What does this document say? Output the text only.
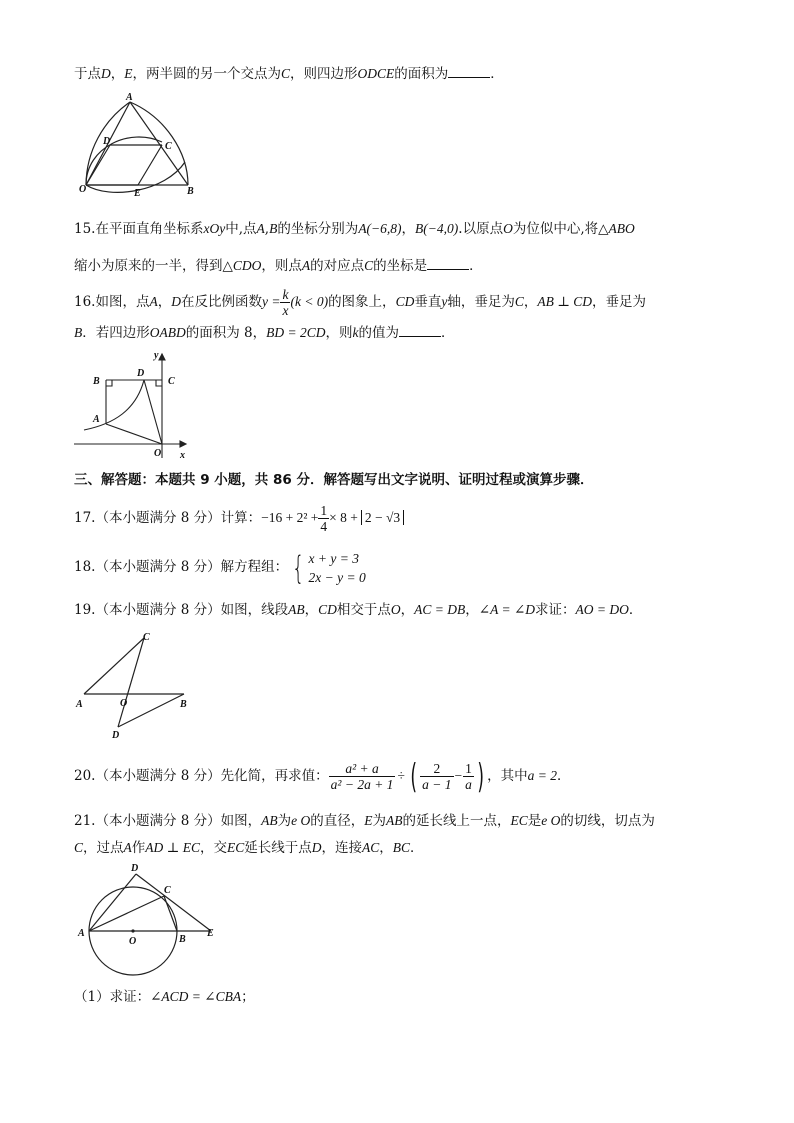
于点D，E，两半圆的另一个交点为C，则四边形ODCE的面积为	．
A
D	C
O	E	B
15.在平面直角坐标系xOy中,点A,B的坐标分别为A(−6,8)，B(−4,0).以原点O为位似中心,将△ABO
缩小为原来的一半，得到△CDO，则点A的对应点C的坐标是	．
16.如图，点A，D在反比例函数$y = \frac{k}{x} (k < 0)$的图象上，CD垂直y轴，垂足为C，AB ⊥ CD，垂足为
B．若四边形OABD的面积为 8，BD = 2CD，则k的值为	．
B
D
C
A
O x
y
三、解答题：本题共 9 小题，共 86 分．解答题写出文字说明、证明过程或演算步骤．
17.（本小题满分 8 分）计算：$-16 + 2^2 + \frac{1}{4} \times 8 + 2 - √3$
18.（本小题满分 8 分）解方程组： { x + y = 3
2x − y = 0
19.（本小题满分 8 分）如图，线段AB，CD相交于点O，AC = DB，∠A = ∠D求证：AO = DO．
C
A	O	B
D
20.（本小题满分 8 分）先化简，再求值： $\frac{\text{a² + a}}{\text{a² − 2a + 1}}$ ÷ ( $\frac{2}{a - 1} - \frac{1}{a}$ ) ，其中a = 2．
21.（本小题满分 8 分）如图，AB为e O的直径，E为AB的延长线上一点，EC是e O的切线，切点为
C，过点A作AD ⊥ EC，交EC延长线于点D，连接AC，BC．
D
C
A
O	B
E
（1）求证：∠ACD = ∠CBA；
